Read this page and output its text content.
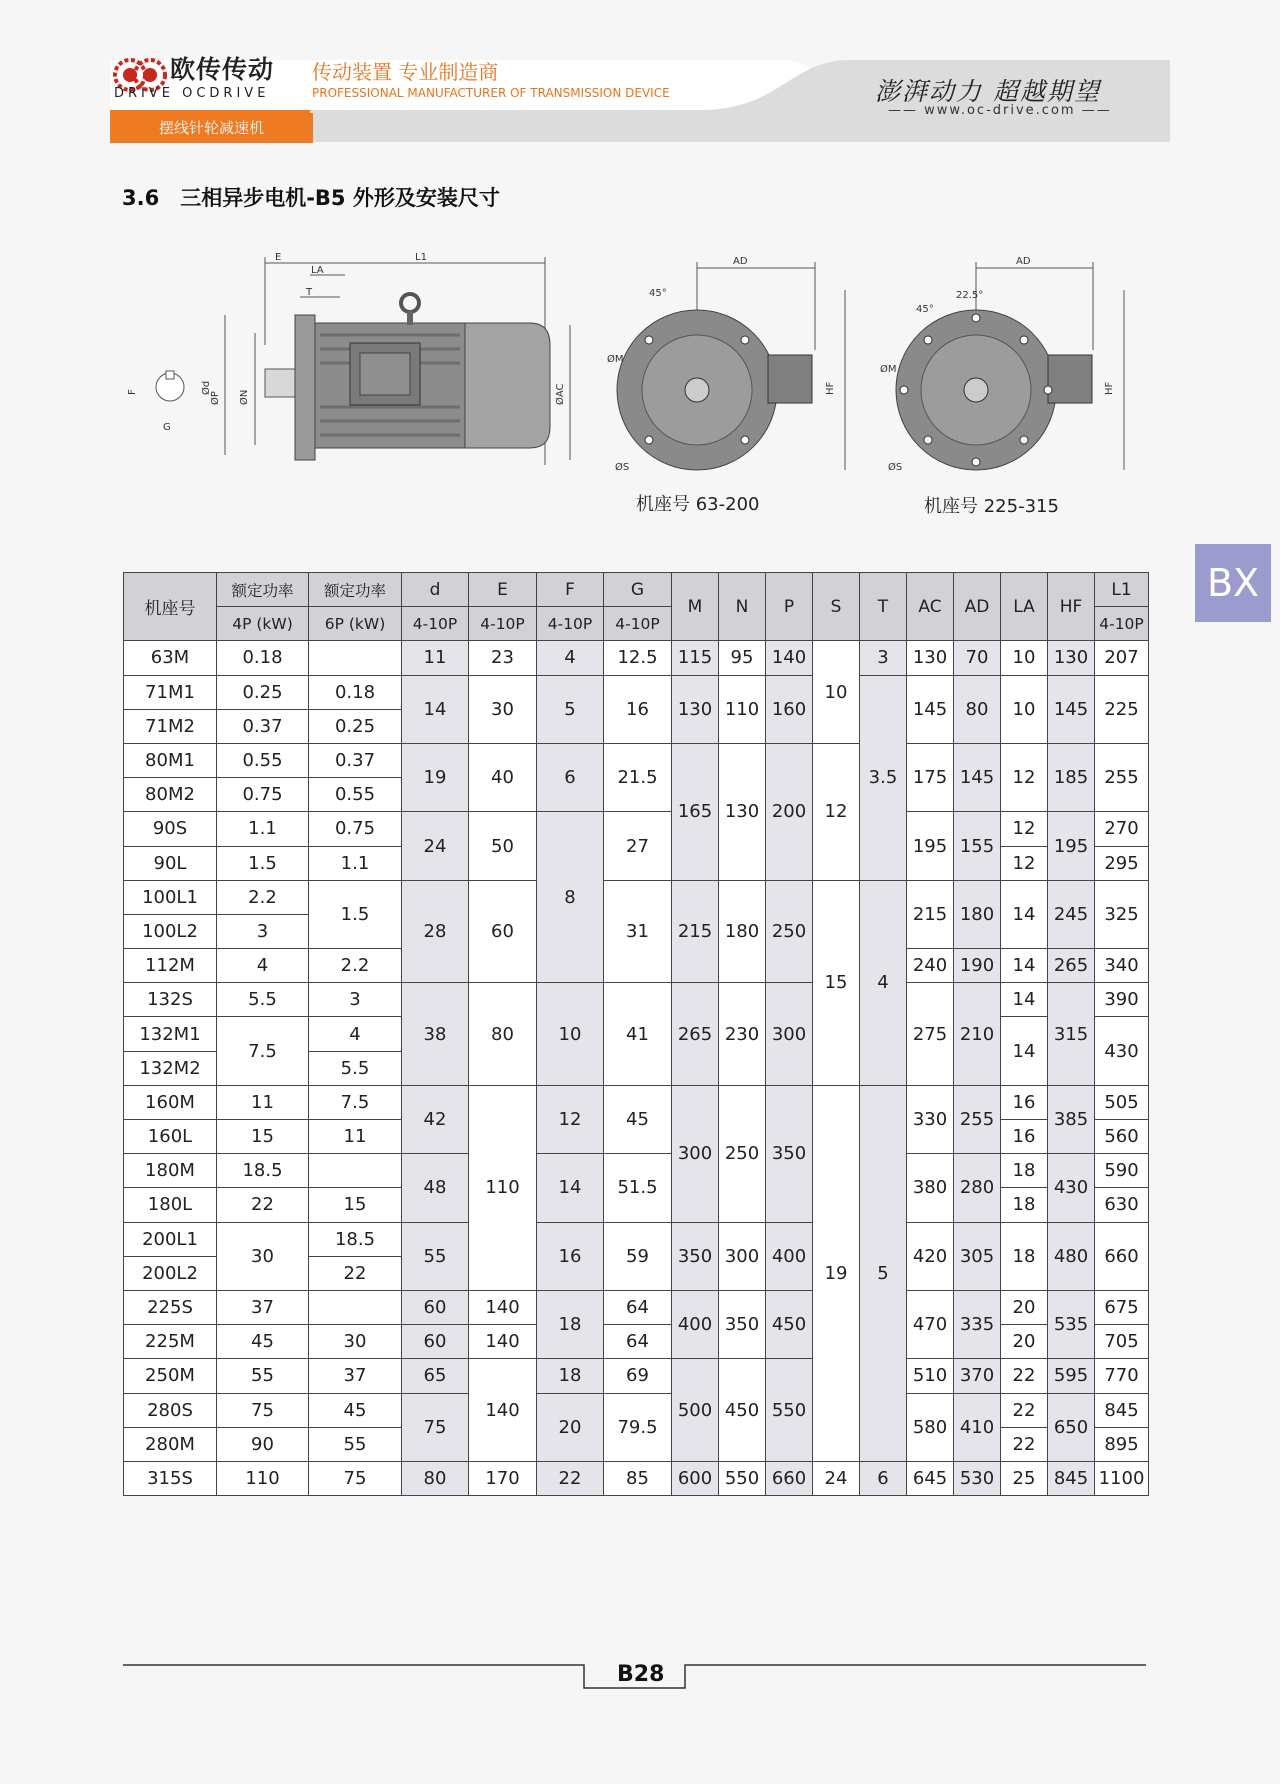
欧传传动
DRIVE OCDRIVE
传动装置 专业制造商
PROFESSIONAL MANUFACTURER OF TRANSMISSION DEVICE	澎湃动力 超越期望
—— www.oc-drive.com ——
摆线针轮减速机
3.6　三相异步电机-B5 外形及安装尺寸
BX
E	L1
LA
T
ØP ØN	ØAC
Ød
F
G
AD
HF
ØM
ØS
45°
AD
HF
ØM
ØS
45°
22.5°
机座号 63-200	机座号 225-315
机座号	额定功率	额定功率	d	E	F	G	M	N	P	S	T	AC	AD	LA	HF	L1
	4P (kW)	6P (kW)	4-10P	4-10P	4-10P	4-10P										4-10P
63M	0.18		11	23	4	12.5	115	95	140	10	3	130	70	10	130	207
71M1	0.25	0.18	14	30	5	16	130	110	160		3.5	145	80	10	145	225
71M2	0.37	0.25														
80M1	0.55	0.37	19	40	6	21.5	165	130	200	12		175	145	12	185	255
80M2	0.75	0.55														
90S	1.1	0.75	24	50	8	27						195	155	12	195	270
90L	1.5	1.1												12		295
100L1	2.2	1.5	28	60		31	215	180	250	15	4	215	180	14	245	325
100L2	3															
112M	4	2.2										240	190	14	265	340
132S	5.5	3	38	80	10	41	265	230	300			275	210	14	315	390
132M1	7.5	4												14		430
132M2		5.5														
160M	11	7.5	42	110	12	45	300	250	350	19	5	330	255	16	385	505
160L	15	11												16		560
180M	18.5		48		14	51.5						380	280	18	430	590
180L	22	15												18		630
200L1	30	18.5	55		16	59	350	300	400			420	305	18	480	660
200L2		22														
225S	37		60	140	18	64	400	350	450			470	335	20	535	675
225M	45	30	60	140		64								20		705
250M	55	37	65	140	18	69	500	450	550			510	370	22	595	770
280S	75	45	75		20	79.5						580	410	22	650	845
280M	90	55												22		895
315S	110	75	80	170	22	85	600	550	660	24	6	645	530	25	845	1100
B28
